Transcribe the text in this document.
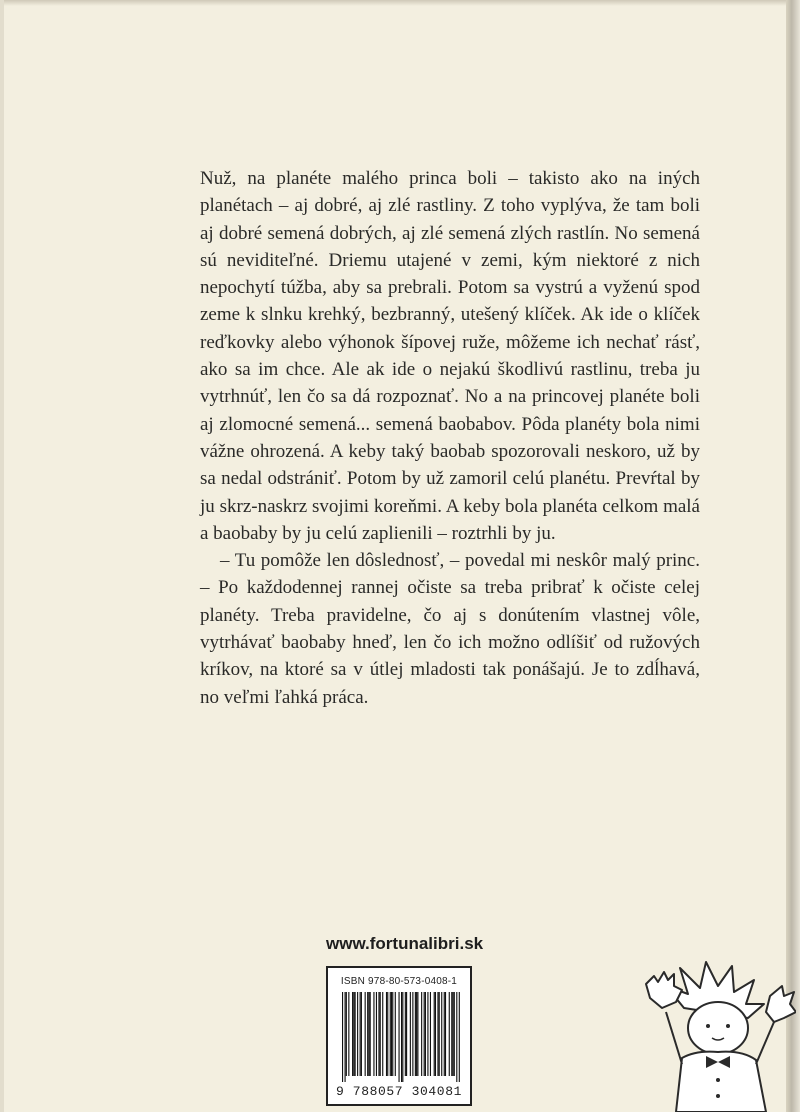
Nuž, na planéte malého princa boli – takisto ako na iných planétach – aj dobré, aj zlé rastliny. Z toho vyplýva, že tam boli aj dobré semená dobrých, aj zlé semená zlých rastlín. No semená sú neviditeľné. Driemu utajené v zemi, kým niektoré z nich nepochytí túžba, aby sa prebrali. Potom sa vystrú a vyženú spod zeme k slnku krehký, bezbranný, utešený klíček. Ak ide o klíček reďkovky alebo výhonok šípovej ruže, môžeme ich nechať rásť, ako sa im chce. Ale ak ide o nejakú škodlivú rastlinu, treba ju vytrhnúť, len čo sa dá rozpoznať. No a na princovej planéte boli aj zlomocné semená... semená baobabov. Pôda planéty bola nimi vážne ohrozená. A keby taký baobab spozorovali neskoro, už by sa nedal odstrániť. Potom by už zamoril celú planétu. Prevŕtal by ju skrz-naskrz svojimi koreňmi. A keby bola planéta celkom malá a baobaby by ju celú zaplienili – roztrhli by ju.

– Tu pomôže len dôslednosť, – povedal mi neskôr malý princ. – Po každodennej rannej očiste sa treba pribrať k očiste celej planéty. Treba pravidelne, čo aj s donútením vlastnej vôle, vytrhávať baobaby hneď, len čo ich možno odlíšiť od ružových kríkov, na ktoré sa v útlej mladosti tak ponášajú. Je to zdĺhavá, no veľmi ľahká práca.

www.fortunalibri.sk
ISBN 978-80-573-0408-1
9 788057 304081
